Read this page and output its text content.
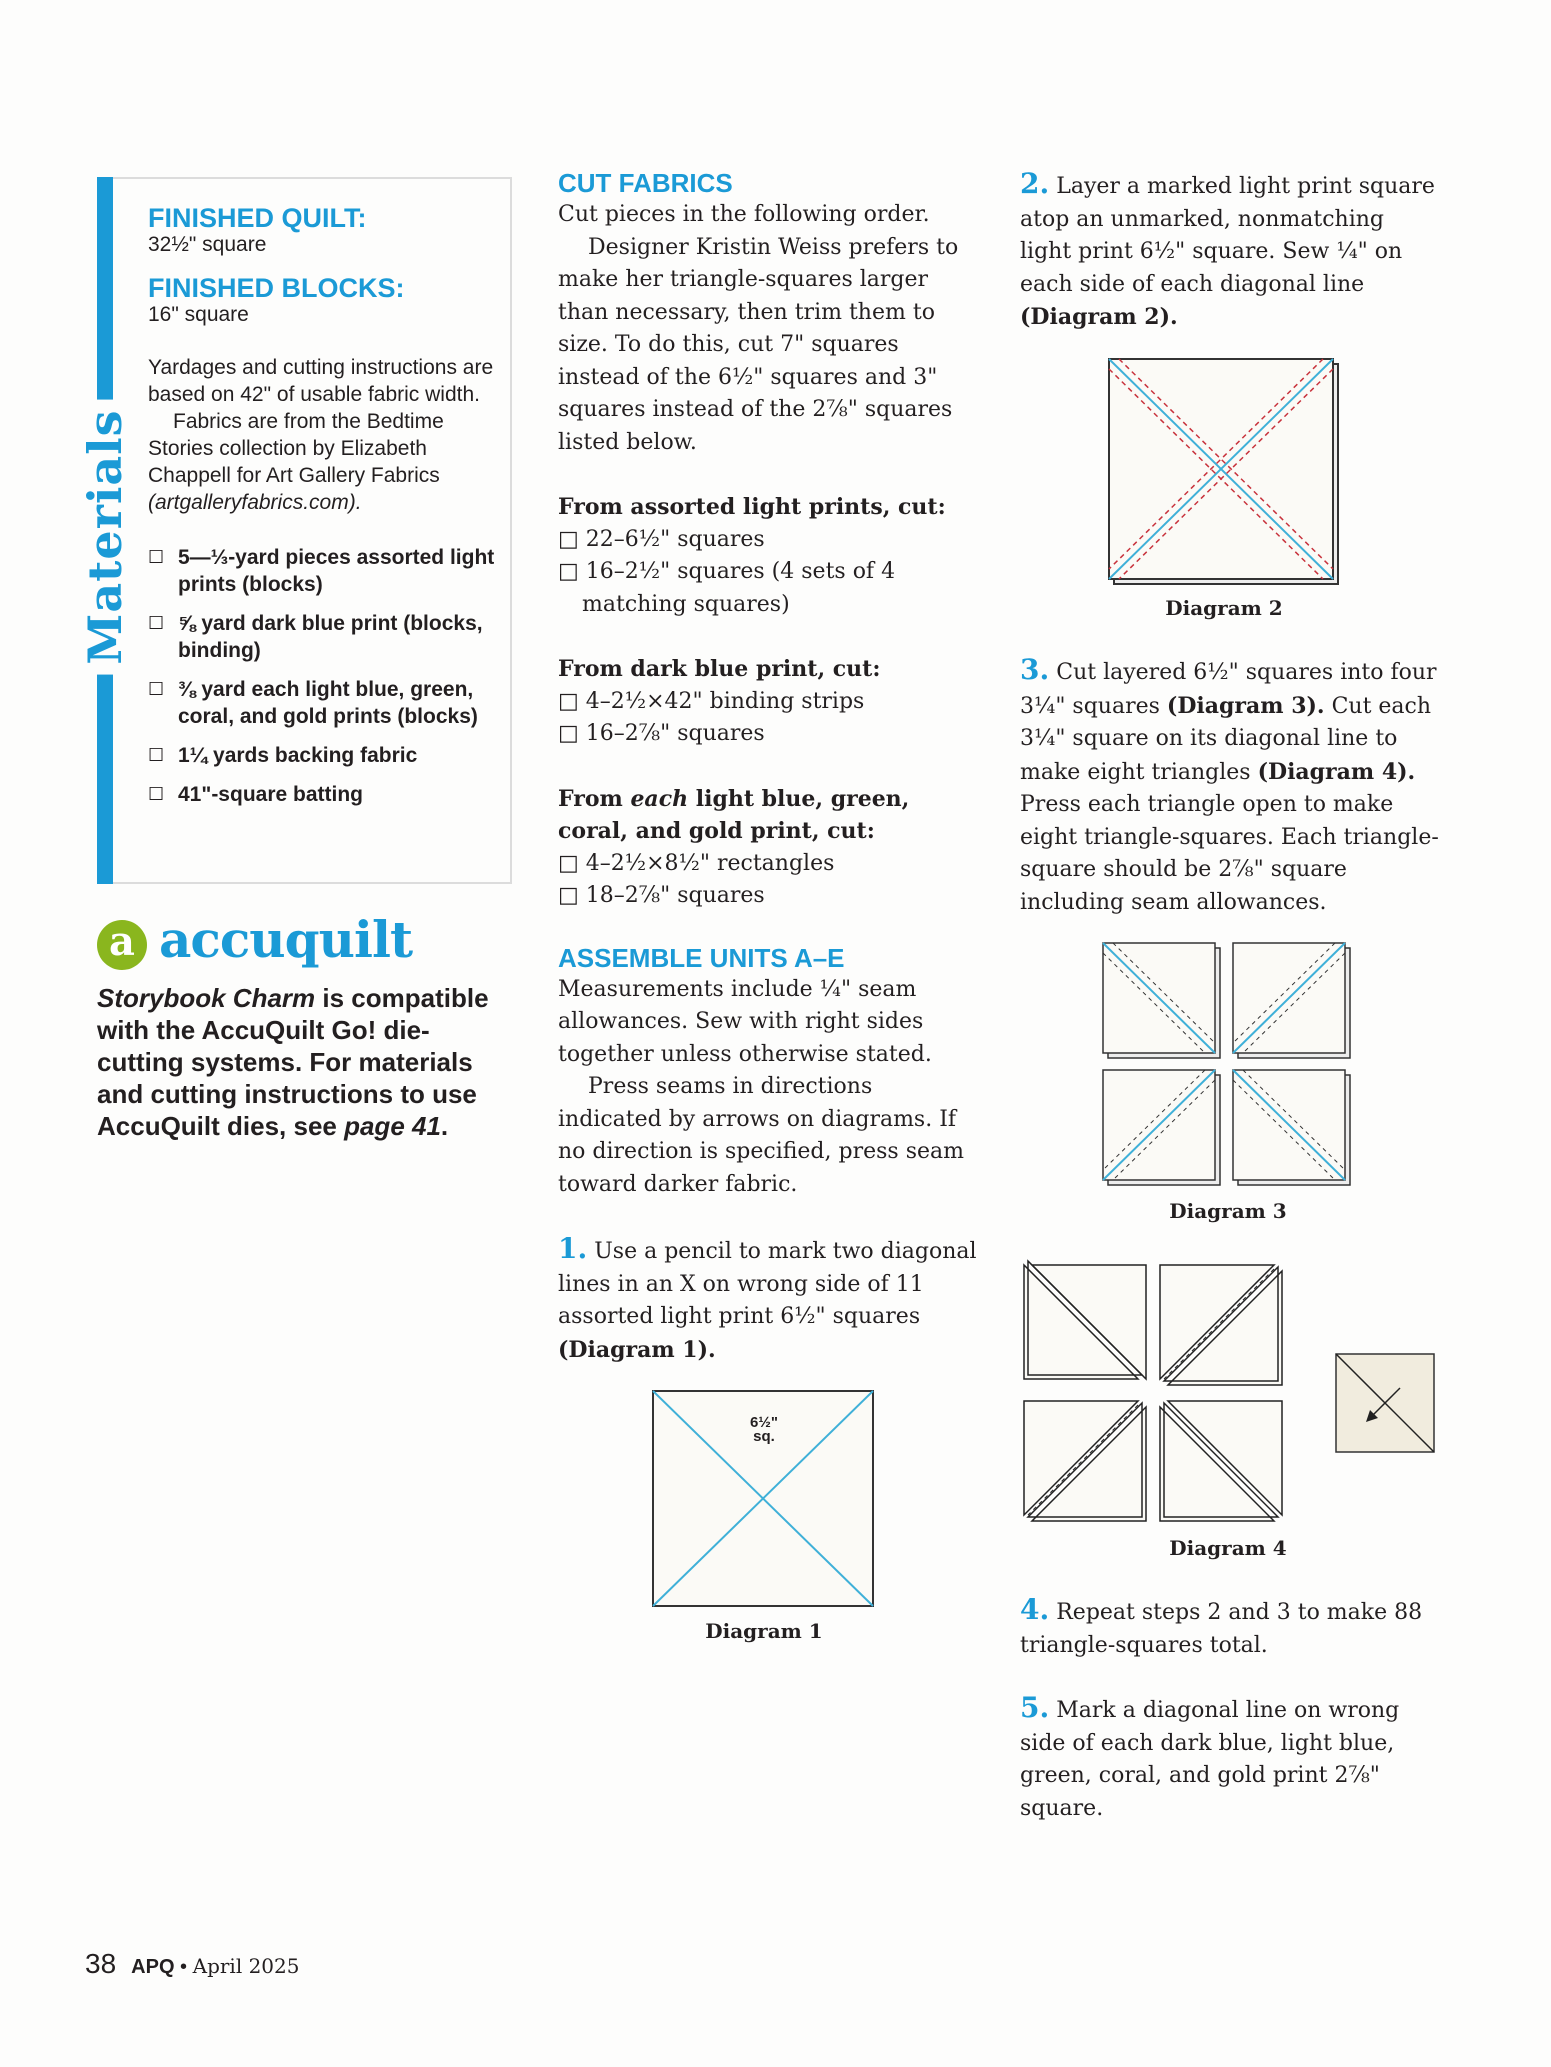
Materials
FINISHED QUILT:
32½" square
FINISHED BLOCKS:
16" square
Yardages and cutting instructions are based on 42" of usable fabric width.
Fabrics are from the Bedtime Stories collection by Elizabeth Chappell for Art Gallery Fabrics (artgalleryfabrics.com).
☐ 5—⅓-yard pieces assorted light prints (blocks)
☐ ⅝ yard dark blue print (blocks, binding)
☐ ⅜ yard each light blue, green, coral, and gold prints (blocks)
☐ 1¼ yards backing fabric
☐ 41"-square batting
a accuquilt
Storybook Charm is compatible with the AccuQuilt Go! die-cutting systems. For materials and cutting instructions to use AccuQuilt dies, see page 41.
CUT FABRICS

Cut pieces in the following order.

Designer Kristin Weiss prefers to make her triangle-squares larger than necessary, then trim them to size. To do this, cut 7" squares instead of the 6½" squares and 3" squares instead of the 2⅞" squares listed below.

From assorted light prints, cut:

□ 22–6½" squares

□ 16–2½" squares (4 sets of 4 matching squares)

From dark blue print, cut:

□ 4–2½×42" binding strips

□ 16–2⅞" squares

From each light blue, green, coral, and gold print, cut:

□ 4–2½×8½" rectangles

□ 18–2⅞" squares

ASSEMBLE UNITS A–E

Measurements include ¼" seam allowances. Sew with right sides together unless otherwise stated.

Press seams in directions indicated by arrows on diagrams. If no direction is specified, press seam toward darker fabric.

1. Use a pencil to mark two diagonal lines in an X on wrong side of 11 assorted light print 6½" squares (Diagram 1).

6½"
sq.
Diagram 1
2. Layer a marked light print square atop an unmarked, nonmatching light print 6½" square. Sew ¼" on each side of each diagonal line (Diagram 2).
Diagram 2
3. Cut layered 6½" squares into four 3¼" squares (Diagram 3). Cut each 3¼" square on its diagonal line to make eight triangles (Diagram 4). Press each triangle open to make eight triangle-squares. Each triangle-square should be 2⅞" square including seam allowances.
Diagram 3
Diagram 4
4. Repeat steps 2 and 3 to make 88 triangle-squares total.
5. Mark a diagonal line on wrong side of each dark blue, light blue, green, coral, and gold print 2⅞" square.
38 APQ • April 2025
